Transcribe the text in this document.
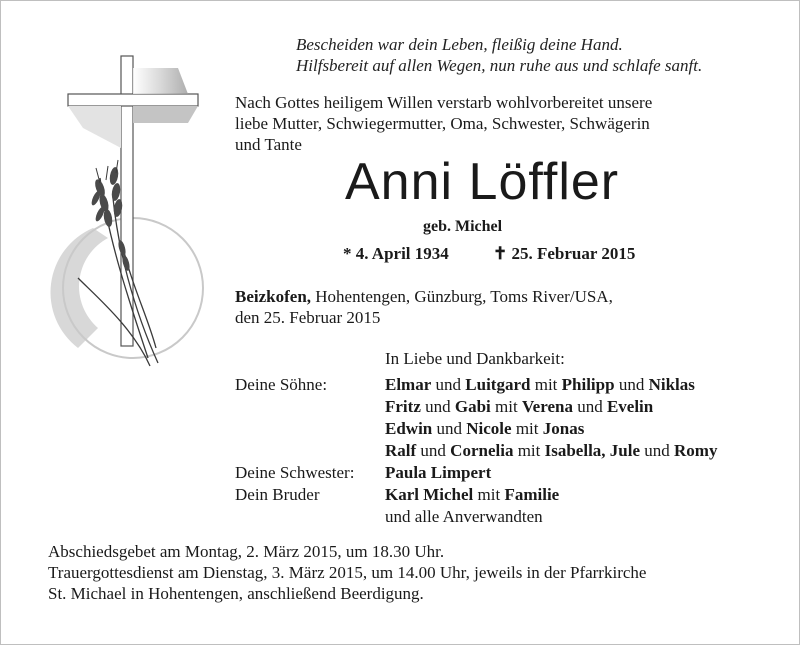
Bescheiden war dein Leben, fleißig deine Hand.
Hilfsbereit auf allen Wegen, nun ruhe aus und schlafe sanft.
Nach Gottes heiligem Willen verstarb wohlvorbereitet unsere
liebe Mutter, Schwiegermutter, Oma, Schwester, Schwägerin
und Tante
Anni Löffler
geb. Michel
* 4. April 1934	✝ 25. Februar 2015
Beizkofen, Hohentengen, Günzburg, Toms River/USA,
den 25. Februar 2015
In Liebe und Dankbarkeit:
Deine Söhne:
Deine Schwester:
Dein Bruder
Elmar und Luitgard mit Philipp und Niklas
Fritz und Gabi mit Verena und Evelin
Edwin und Nicole mit Jonas
Ralf und Cornelia mit Isabella, Jule und Romy
Paula Limpert
Karl Michel mit Familie
und alle Anverwandten
Abschiedsgebet am Montag, 2. März 2015, um 18.30 Uhr.
Trauergottesdienst am Dienstag, 3. März 2015, um 14.00 Uhr, jeweils in der Pfarrkirche
St. Michael in Hohentengen, anschließend Beerdigung.
